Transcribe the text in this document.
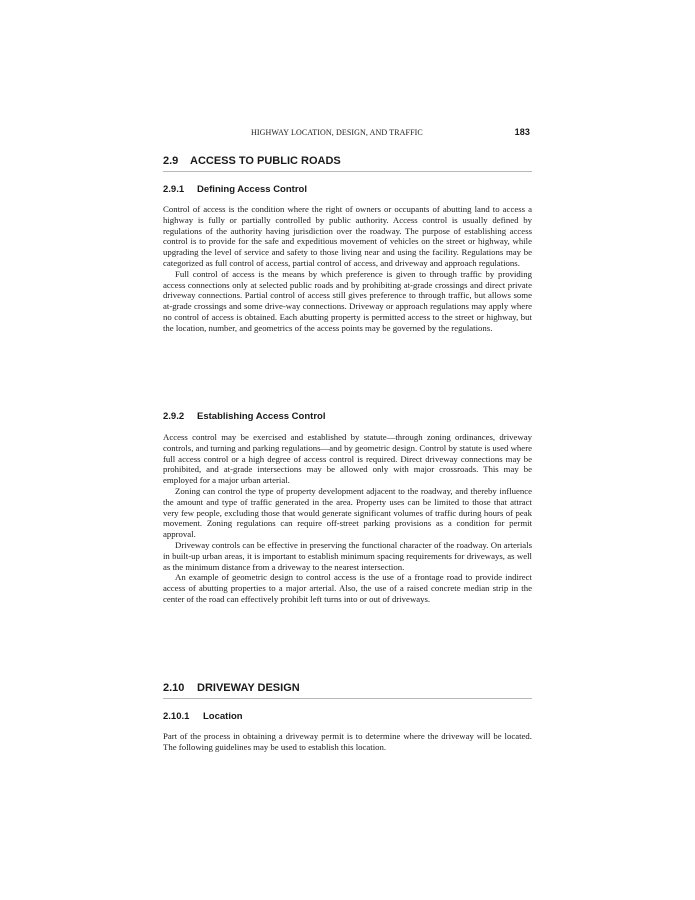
HIGHWAY LOCATION, DESIGN, AND TRAFFIC	183
2.9 ACCESS TO PUBLIC ROADS
2.9.1 Defining Access Control

Control of access is the condition where the right of owners or occupants of abutting land to access a highway is fully or partially controlled by public authority. Access control is usually defined by regulations of the authority having jurisdiction over the roadway. The purpose of establishing access control is to provide for the safe and expeditious movement of vehicles on the street or highway, while upgrading the level of service and safety to those living near and using the facility. Regulations may be categorized as full control of access, partial control of access, and driveway and approach regulations.

Full control of access is the means by which preference is given to through traffic by providing access connections only at selected public roads and by prohibiting at-grade crossings and direct private driveway connections. Partial control of access still gives preference to through traffic, but allows some at-grade crossings and some drive-way connections. Driveway or approach regulations may apply where no control of access is obtained. Each abutting property is permitted access to the street or highway, but the location, number, and geometrics of the access points may be governed by the regulations.

2.9.2 Establishing Access Control

Access control may be exercised and established by statute—through zoning ordinances, driveway controls, and turning and parking regulations—and by geometric design. Control by statute is used where full access control or a high degree of access control is required. Direct driveway connections may be prohibited, and at-grade intersections may be allowed only with major crossroads. This may be employed for a major urban arterial.

Zoning can control the type of property development adjacent to the roadway, and thereby influence the amount and type of traffic generated in the area. Property uses can be limited to those that attract very few people, excluding those that would generate significant volumes of traffic during hours of peak movement. Zoning regulations can require off-street parking provisions as a condition for permit approval.

Driveway controls can be effective in preserving the functional character of the roadway. On arterials in built-up urban areas, it is important to establish minimum spacing requirements for driveways, as well as the minimum distance from a driveway to the nearest intersection.

An example of geometric design to control access is the use of a frontage road to provide indirect access of abutting properties to a major arterial. Also, the use of a raised concrete median strip in the center of the road can effectively prohibit left turns into or out of driveways.

2.10 DRIVEWAY DESIGN
2.10.1 Location

Part of the process in obtaining a driveway permit is to determine where the driveway will be located. The following guidelines may be used to establish this location.
